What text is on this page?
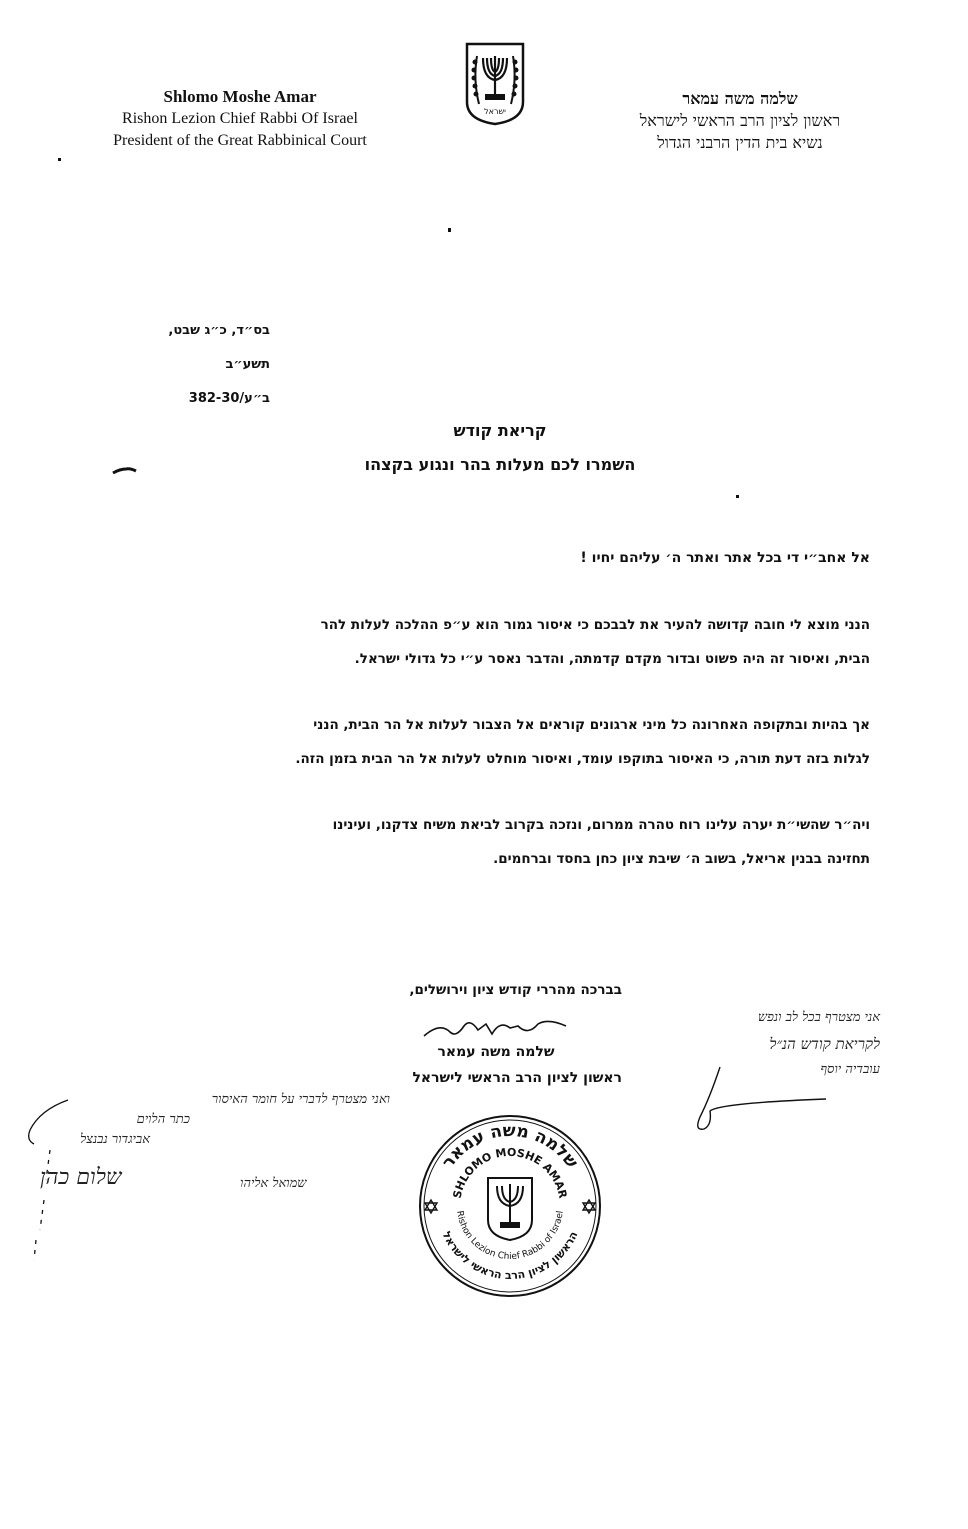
Shlomo Moshe Amar
Rishon Lezion Chief Rabbi Of Israel
President of the Great Rabbinical Court
ישראל
שלמה משה עמאר
ראשון לציון הרב הראשי לישראל
נשיא בית הדין הרבני הגדול
בס״ד, כ״ג שבט, תשע״ב
ב״ע/382-30
קריאת קודש
השמרו לכם מעלות בהר ונגוע בקצהו
אל אחב״י די בכל אתר ואתר ה׳ עליהם יחיו !
הנני מוצא לי חובה קדושה להעיר את לבבכם כי איסור גמור הוא ע״פ ההלכה לעלות להר
הבית, ואיסור זה היה פשוט ובדור מקדם קדמתה, והדבר נאסר ע״י כל גדולי ישראל.
אך בהיות ובתקופה האחרונה כל מיני ארגונים קוראים אל הצבור לעלות אל הר הבית, הנני
לגלות בזה דעת תורה, כי האיסור בתוקפו עומד, ואיסור מוחלט לעלות אל הר הבית בזמן הזה.
ויה״ר שהשי״ת יערה עלינו רוח טהרה ממרום, ונזכה בקרוב לביאת משיח צדקנו, ועינינו
תחזינה בבנין אריאל, בשוב ה׳ שיבת ציון כחן בחסד וברחמים.
בברכה מהררי קודש ציון וירושלים,
שלמה משה עמאר
ראשון לציון הרב הראשי לישראל
אני מצטרף בכל לב ונפש
לקריאת קודש הנ״ל
עובדיה יוסף
ואני מצטרף לדברי על חומר האיסור
כתר הלוים
אביגדור נבנצל
שלום כהן	שמואל אליהו
שלמה משה עמאר
SHLOMO MOSHE AMAR
Rishon Lezion Chief Rabbi of Israel
הראשון לציון הרב הראשי לישראל
